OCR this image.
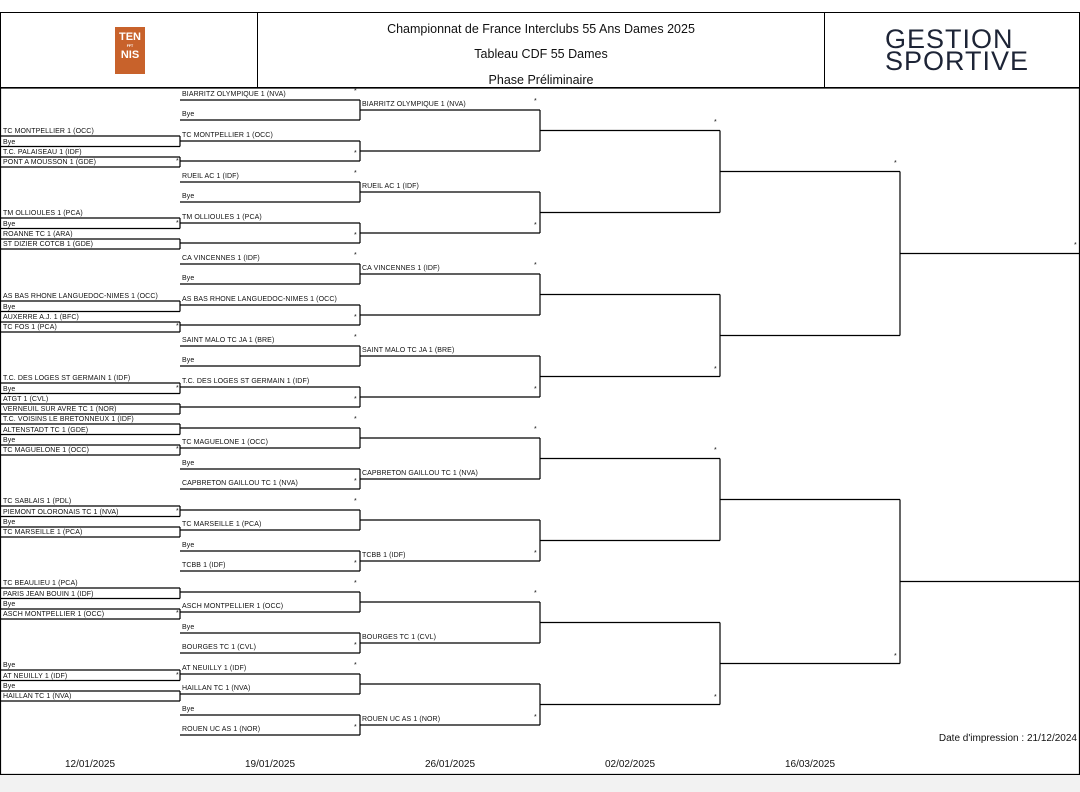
TEN
FFT
NIS
Championnat de France Interclubs 55 Ans Dames 2025
Tableau CDF 55 Dames
Phase Préliminaire
GESTION
SPORTIVE
TC MONTPELLIER 1 (OCC)
Bye
T.C. PALAISEAU 1 (IDF)
PONT A MOUSSON 1 (GDE)	*
TM OLLIOULES 1 (PCA)
Bye
ROANNE TC 1 (ARA)
ST DIZIER COTCB 1 (GDE)
*
AS BAS RHONE LANGUEDOC-NIMES 1 (OCC)
Bye
AUXERRE A.J. 1 (BFC)
TC FOS 1 (PCA)	*
T.C. DES LOGES ST GERMAIN 1 (IDF)
Bye
ATGT 1 (CVL)
VERNEUIL SUR AVRE TC 1 (NOR)
*
T.C. VOISINS LE BRETONNEUX 1 (IDF)
ALTENSTADT TC 1 (GDE)
Bye
TC MAGUELONE 1 (OCC)	*
TC SABLAIS 1 (PDL)
PIEMONT OLORONAIS TC 1 (NVA)
Bye
TC MARSEILLE 1 (PCA)
*
TC BEAULIEU 1 (PCA)
PARIS JEAN BOUIN 1 (IDF)
Bye
ASCH MONTPELLIER 1 (OCC)	*
Bye
AT NEUILLY 1 (IDF)
Bye
HAILLAN TC 1 (NVA)
*
BIARRITZ OLYMPIQUE 1 (NVA)
Bye
*
TC MONTPELLIER 1 (OCC)
*
RUEIL AC 1 (IDF)
Bye
*
TM OLLIOULES 1 (PCA)
*
CA VINCENNES 1 (IDF)
Bye
*
AS BAS RHONE LANGUEDOC-NIMES 1 (OCC)
*
SAINT MALO TC JA 1 (BRE)
Bye
*
T.C. DES LOGES ST GERMAIN 1 (IDF)
*
TC MAGUELONE 1 (OCC)
*
Bye
CAPBRETON GAILLOU TC 1 (NVA)	*
TC MARSEILLE 1 (PCA)
*
Bye
TCBB 1 (IDF)	*
ASCH MONTPELLIER 1 (OCC)
*
Bye
BOURGES TC 1 (CVL)	*
AT NEUILLY 1 (IDF)
HAILLAN TC 1 (NVA)
*
Bye
ROUEN UC AS 1 (NOR)	*
BIARRITZ OLYMPIQUE 1 (NVA)	*
RUEIL AC 1 (IDF)
*
CA VINCENNES 1 (IDF)	*
SAINT MALO TC JA 1 (BRE)
*
CAPBRETON GAILLOU TC 1 (NVA)
*
TCBB 1 (IDF)	*
BOURGES TC 1 (CVL)
*
ROUEN UC AS 1 (NOR)	*
*
*
*
*
*
*
*
Date d'impression : 21/12/2024
12/01/2025	19/01/2025	26/01/2025	02/02/2025	16/03/2025
